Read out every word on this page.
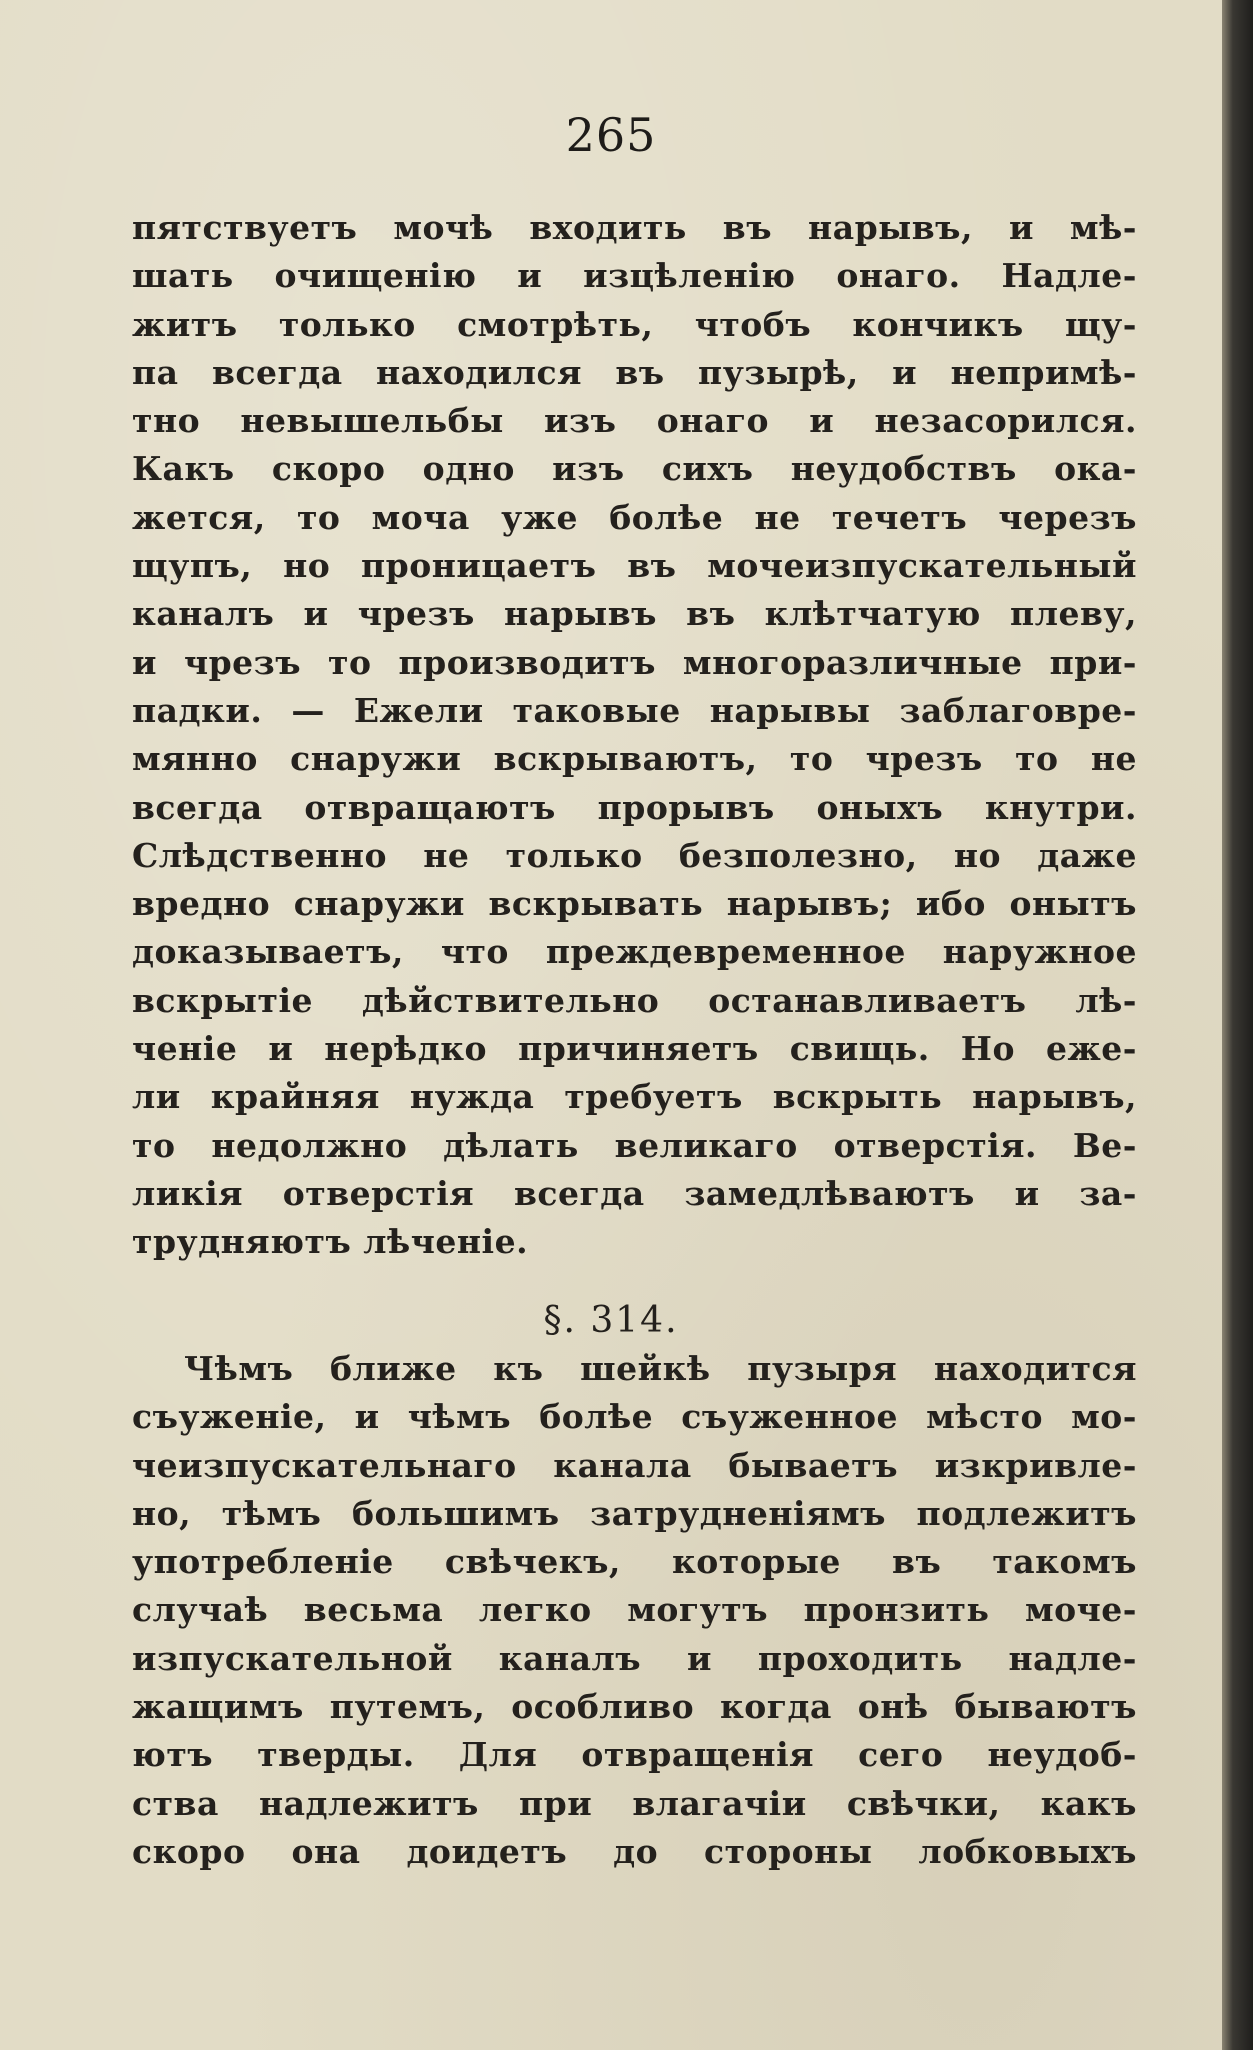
265
пятствуетъ мочѣ входить въ нарывъ, и мѣ-
шать очищенію и изцѣленію онаго. Надле-
житъ только смотрѣть, чтобъ кончикъ щу-
па всегда находился въ пузырѣ, и непримѣ-
тно невышельбы изъ онаго и незасорился.
Какъ скоро одно изъ сихъ неудобствъ ока-
жется, то моча уже болѣе не течетъ черезъ
щупъ, но проницаетъ въ мочеизпускательный
каналъ и чрезъ нарывъ въ клѣтчатую плеву,
и чрезъ то производитъ многоразличные при-
падки. — Ежели таковые нарывы заблаговре-
мянно снаружи вскрываютъ, то чрезъ то не
всегда отвращаютъ прорывъ оныхъ кнутри.
Слѣдственно не только безполезно, но даже
вредно снаружи вскрывать нарывъ; ибо онытъ
доказываетъ, что преждевременное наружное
вскрытіе дѣйствительно останавливаетъ лѣ-
ченіе и нерѣдко причиняетъ свищь. Но еже-
ли крайняя нужда требуетъ вскрыть нарывъ,
то недолжно дѣлать великаго отверстія. Ве-
ликія отверстія всегда замедлѣваютъ и за-
трудняютъ лѣченіе.
§. 314.
Чѣмъ ближе къ шейкѣ пузыря находится
съуженіе, и чѣмъ болѣе съуженное мѣсто мо-
чеизпускательнаго канала бываетъ изкривле-
но, тѣмъ большимъ затрудненіямъ подлежитъ
употребленіе свѣчекъ, которые въ такомъ
случаѣ весьма легко могутъ пронзить моче-
изпускательной каналъ и проходить надле-
жащимъ путемъ, особливо когда онѣ бываютъ
ютъ тверды. Для отвращенія сего неудоб-
ства надлежитъ при влагачіи свѣчки, какъ
скоро она доидетъ до стороны лобковыхъ
